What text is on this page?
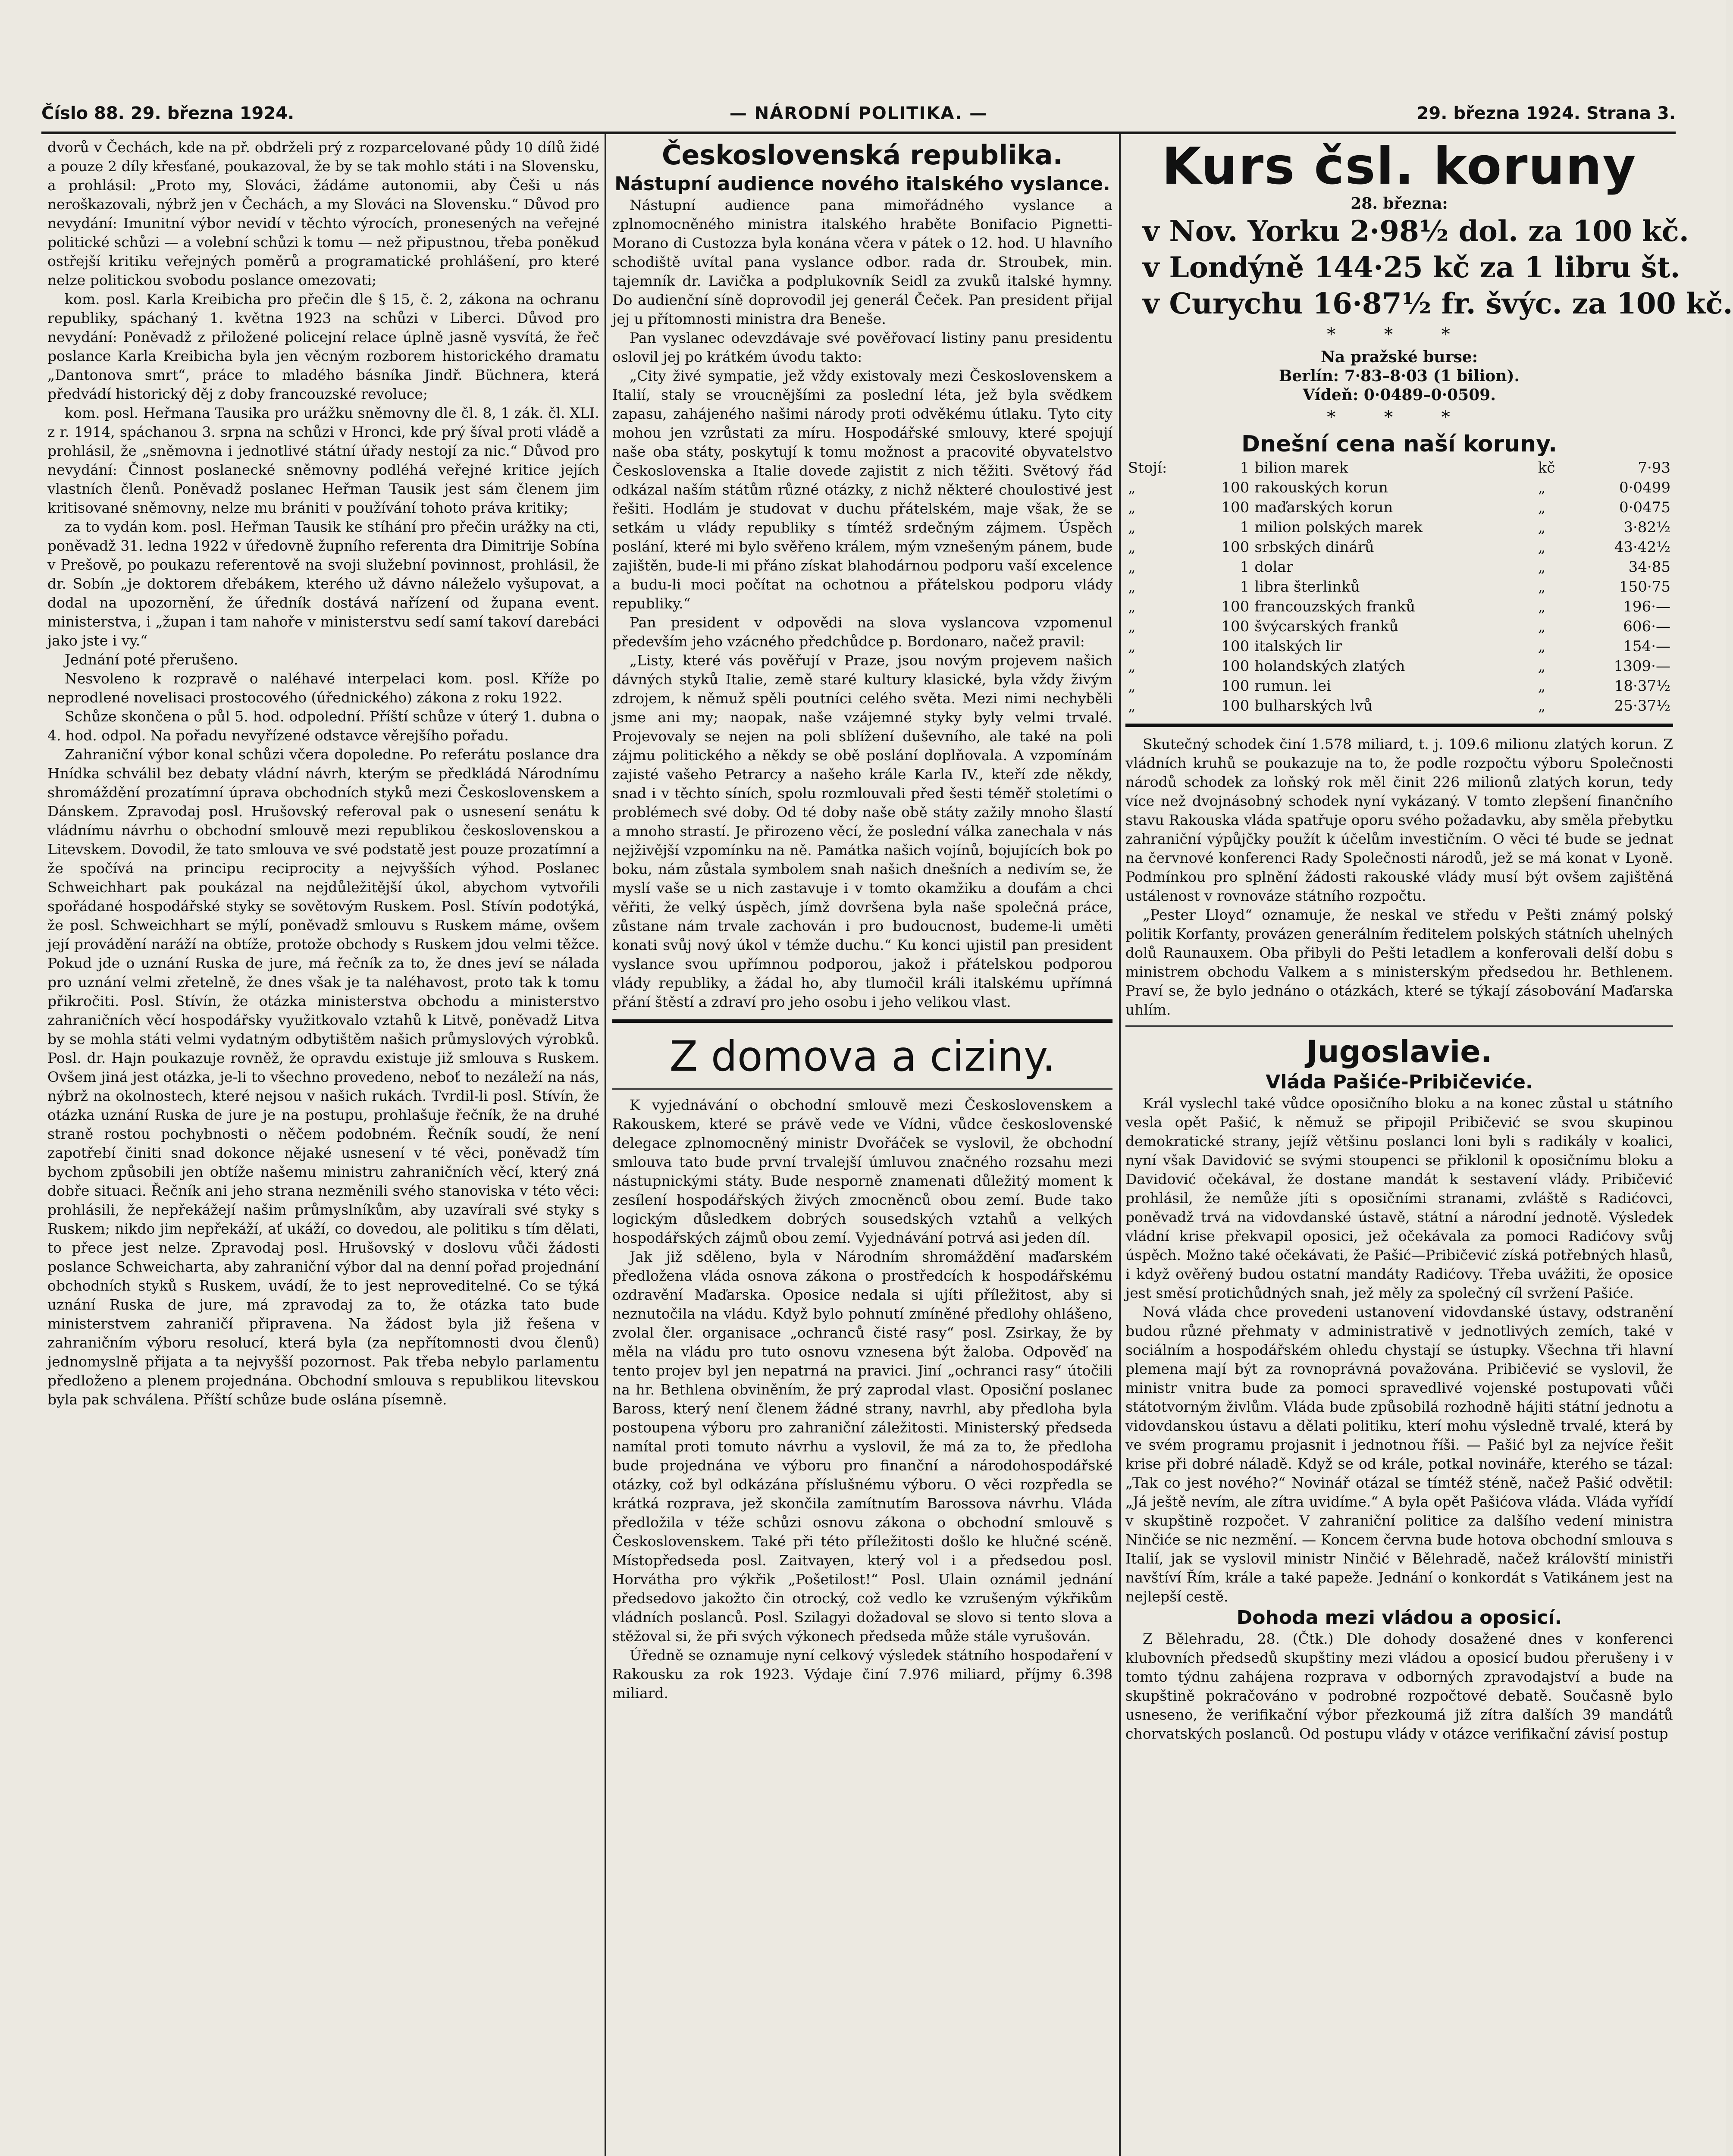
Číslo 88. 29. března 1924.	— NÁRODNÍ POLITIKA. —	29. března 1924. Strana 3.

dvorů v Čechách, kde na př. obdrželi prý z rozparcelované půdy 10 dílů židé a pouze 2 díly křesťané, poukazoval, že by se tak mohlo státi i na Slovensku, a prohlásil: „Proto my, Slováci, žádáme autonomii, aby Češi u nás neroškazovali, nýbrž jen v Čechách, a my Slováci na Slovensku.“ Důvod pro nevydání: Imunitní výbor nevidí v těchto výrocích, pronesených na veřejné politické schůzi — a volební schůzi k tomu — než připustnou, třeba poněkud ostřejší kritiku veřejných poměrů a programatické prohlášení, pro které nelze politickou svobodu poslance omezovati;

kom. posl. Karla Kreibicha pro přečin dle § 15, č. 2, zákona na ochranu republiky, spáchaný 1. května 1923 na schůzi v Liberci. Důvod pro nevydání: Poněvadž z přiložené policejní relace úplně jasně vysvítá, že řeč poslance Karla Kreibicha byla jen věcným rozborem historického dramatu „Dantonova smrt“, práce to mladého básníka Jindř. Büchnera, která předvádí historický děj z doby francouzské revoluce;

kom. posl. Heřmana Tausika pro urážku sněmovny dle čl. 8, 1 zák. čl. XLI. z r. 1914, spáchanou 3. srpna na schůzi v Hronci, kde prý šíval proti vládě a prohlásil, že „sněmovna i jednotlivé státní úřady nestojí za nic.“ Důvod pro nevydání: Činnost poslanecké sněmovny podléhá veřejné kritice jejích vlastních členů. Poněvadž poslanec Heřman Tausik jest sám členem jim kritisované sněmovny, nelze mu brániti v používání tohoto práva kritiky;

za to vydán kom. posl. Heřman Tausik ke stíhání pro přečin urážky na cti, poněvadž 31. ledna 1922 v úředovně župního referenta dra Dimitrije Sobína v Prešově, po poukazu referentově na svoji služební povinnost, prohlásil, že dr. Sobín „je doktorem dřebákem, kterého už dávno náleželo vyšupovat, a dodal na upozornění, že úředník dostává nařízení od župana event. ministerstva, i „župan i tam nahoře v ministerstvu sedí samí takoví darebáci jako jste i vy.“

Jednání poté přerušeno.

Nesvoleno k rozpravě o naléhavé interpelaci kom. posl. Kříže po neprodlené novelisaci prostocového (úřednického) zákona z roku 1922.

Schůze skončena o půl 5. hod. odpolední. Příští schůze v úterý 1. dubna o 4. hod. odpol. Na pořadu nevyřízené odstavce věrejšího pořadu.

Zahraniční výbor konal schůzi včera dopoledne. Po referátu poslance dra Hnídka schválil bez debaty vládní návrh, kterým se předkládá Národnímu shromáždění prozatímní úprava obchodních styků mezi Československem a Dánskem. Zpravodaj posl. Hrušovský referoval pak o usnesení senátu k vládnímu návrhu o obchodní smlouvě mezi republikou československou a Litevskem. Dovodil, že tato smlouva ve své podstatě jest pouze prozatímní a že spočívá na principu reciprocity a nejvyšších výhod. Poslanec Schweichhart pak poukázal na nejdůležitější úkol, abychom vytvořili spořádané hospodářské styky se sovětovým Ruskem. Posl. Stívín podotýká, že posl. Schweichhart se mýlí, poněvadž smlouvu s Ruskem máme, ovšem její provádění naráží na obtíže, protože obchody s Ruskem jdou velmi těžce. Pokud jde o uznání Ruska de jure, má řečník za to, že dnes jeví se nálada pro uznání velmi zřetelně, že dnes však je ta naléhavost, proto tak k tomu přikročiti. Posl. Stívín, že otázka ministerstva obchodu a ministerstvo zahraničních věcí hospodářsky využitkovalo vztahů k Litvě, poněvadž Litva by se mohla státi velmi vydatným odbytištěm našich průmyslových výrobků. Posl. dr. Hajn poukazuje rovněž, že opravdu existuje již smlouva s Ruskem. Ovšem jiná jest otázka, je-li to všechno provedeno, neboť to nezáleží na nás, nýbrž na okolnostech, které nejsou v našich rukách. Tvrdil-li posl. Stívín, že otázka uznání Ruska de jure je na postupu, prohlašuje řečník, že na druhé straně rostou pochybnosti o něčem podobném. Řečník soudí, že není zapotřebí činiti snad dokonce nějaké usnesení v té věci, poněvadž tím bychom způsobili jen obtíže našemu ministru zahraničních věcí, který zná dobře situaci. Řečník ani jeho strana nezměnili svého stanoviska v této věci: prohlásili, že nepřekážejí našim průmyslníkům, aby uzavírali své styky s Ruskem; nikdo jim nepřekáží, ať ukáží, co dovedou, ale politiku s tím dělati, to přece jest nelze. Zpravodaj posl. Hrušovský v doslovu vůči žádosti poslance Schweicharta, aby zahraniční výbor dal na denní pořad projednání obchodních styků s Ruskem, uvádí, že to jest neproveditelné. Co se týká uznání Ruska de jure, má zpravodaj za to, že otázka tato bude ministerstvem zahraničí připravena. Na žádost byla již řešena v zahraničním výboru resolucí, která byla (za nepřítomnosti dvou členů) jednomyslně přijata a ta nejvyšší pozornost. Pak třeba nebylo parlamentu předloženo a plenem projednána. Obchodní smlouva s republikou litevskou byla pak schválena. Příští schůze bude oslána písemně.

Československá republika.
Nástupní audience nového italského vyslance.

Nástupní audience pana mimořádného vyslance a zplnomocněného ministra italského hraběte Bonifacio Pignetti-Morano di Custozza byla konána včera v pátek o 12. hod. U hlavního schodiště uvítal pana vyslance odbor. rada dr. Stroubek, min. tajemník dr. Lavička a podplukovník Seidl za zvuků italské hymny. Do audienční síně doprovodil jej generál Čeček. Pan president přijal jej u přítomnosti ministra dra Beneše.

Pan vyslanec odevzdávaje své pověřovací listiny panu presidentu oslovil jej po krátkém úvodu takto:

„City živé sympatie, jež vždy existovaly mezi Československem a Italií, staly se vroucnějšími za poslední léta, jež byla svědkem zapasu, zahájeného našimi národy proti odvěkému útlaku. Tyto city mohou jen vzrůstati za míru. Hospodářské smlouvy, které spojují naše oba státy, poskytují k tomu možnost a pracovité obyvatelstvo Československa a Italie dovede zajistit z nich těžiti. Světový řád odkázal naším státům různé otázky, z nichž některé choulostivé jest řešiti. Hodlám je studovat v duchu přátelském, maje však, že se setkám u vlády republiky s tímtéž srdečným zájmem. Úspěch poslání, které mi bylo svěřeno králem, mým vznešeným pánem, bude zajištěn, bude-li mi přáno získat blahodárnou podporu vaší excelence a budu-li moci počítat na ochotnou a přátelskou podporu vlády republiky.“

Pan president v odpovědi na slova vyslancova vzpomenul především jeho vzácného předchůdce p. Bordonaro, načež pravil:

„Listy, které vás pověřují v Praze, jsou novým projevem našich dávných styků Italie, země staré kultury klasické, byla vždy živým zdrojem, k němuž spěli poutníci celého světa. Mezi nimi nechyběli jsme ani my; naopak, naše vzájemné styky byly velmi trvalé. Projevovaly se nejen na poli sblížení duševního, ale také na poli zájmu politického a někdy se obě poslání doplňovala. A vzpomínám zajisté vašeho Petrarcy a našeho krále Karla IV., kteří zde někdy, snad i v těchto síních, spolu rozmlouvali před šesti téměř stoletími o problémech své doby. Od té doby naše obě státy zažily mnoho šlastí a mnoho strastí. Je přirozeno věcí, že poslední válka zanechala v nás nejživější vzpomínku na ně. Památka našich vojínů, bojujících bok po boku, nám zůstala symbolem snah našich dnešních a nedivím se, že myslí vaše se u nich zastavuje i v tomto okamžiku a doufám a chci věřiti, že velký úspěch, jímž dovršena byla naše společná práce, zůstane nám trvale zachován i pro budoucnost, budeme-li uměti konati svůj nový úkol v témže duchu.“ Ku konci ujistil pan president vyslance svou upřímnou podporou, jakož i přátelskou podporou vlády republiky, a žádal ho, aby tlumočil králi italskému upřímná přání štěstí a zdraví pro jeho osobu i jeho velikou vlast.

Z domova a ciziny.

K vyjednávání o obchodní smlouvě mezi Československem a Rakouskem, které se právě vede ve Vídni, vůdce československé delegace zplnomocněný ministr Dvořáček se vyslovil, že obchodní smlouva tato bude první trvalejší úmluvou značného rozsahu mezi nástupnickými státy. Bude nesporně znamenati důležitý moment k zesílení hospodářských živých zmocněnců obou zemí. Bude tako logickým důsledkem dobrých sousedských vztahů a velkých hospodářských zájmů obou zemí. Vyjednávání potrvá asi jeden díl.

Jak již sděleno, byla v Národním shromáždění maďarském předložena vláda osnova zákona o prostředcích k hospodářskému ozdravění Maďarska. Oposice nedala si ujíti příležitost, aby si neznutočila na vládu. Když bylo pohnutí zmíněné předlohy ohlášeno, zvolal čler. organisace „ochranců čisté rasy“ posl. Zsirkay, že by měla na vládu pro tuto osnovu vznesena být žaloba. Odpověď na tento projev byl jen nepatrná na pravici. Jiní „ochranci rasy“ útočili na hr. Bethlena obviněním, že prý zaprodal vlast. Oposiční poslanec Baross, který není členem žádné strany, navrhl, aby předloha byla postoupena výboru pro zahraniční záležitosti. Ministerský předseda namítal proti tomuto návrhu a vyslovil, že má za to, že předloha bude projednána ve výboru pro finanční a národohospodářské otázky, což byl odkázána příslušnému výboru. O věci rozpředla se krátká rozprava, jež skončila zamítnutím Barossova návrhu. Vláda předložila v téže schůzi osnovu zákona o obchodní smlouvě s Československem. Také při této příležitosti došlo ke hlučné scéně. Místopředseda posl. Zaitvayen, který vol i a předsedou posl. Horvátha pro výkřik „Pošetilost!“ Posl. Ulain oznámil jednání předsedovo jakožto čin otrocký, což vedlo ke vzrušeným výkřikům vládních poslanců. Posl. Szilagyi dožadoval se slovo si tento slova a stěžoval si, že při svých výkonech předseda může stále vyrušován.

Úředně se oznamuje nyní celkový výsledek státního hospodaření v Rakousku za rok 1923. Výdaje činí 7.976 miliard, příjmy 6.398 miliard.

Kurs čsl. koruny

28. března:

v Nov. Yorku 2·98½ dol. za 100 kč.

v Londýně 144·25 kč za 1 libru št.

v Curychu 16·87½ fr. švýc. za 100 kč.

* * *

Na pražské burse:

Berlín: 7·83–8·03 (1 bilion).

Vídeň: 0·0489–0·0509.

* * *
Dnešní cena naší koruny.
Stojí:	1	bilion marek	kč	7·93
„	100	rakouských korun	„	0·0499
„	100	maďarských korun	„	0·0475
„	1	milion polských marek	„	3·82½
„	100	srbských dinárů	„	43·42½
„	1	dolar	„	34·85
„	1	libra šterlinků	„	150·75
„	100	francouzských franků	„	196·—
„	100	švýcarských franků	„	606·—
„	100	italských lir	„	154·—
„	100	holandských zlatých	„	1309·—
„	100	rumun. lei	„	18·37½
„	100	bulharských lvů	„	25·37½

Skutečný schodek činí 1.578 miliard, t. j. 109.6 milionu zlatých korun. Z vládních kruhů se poukazuje na to, že podle rozpočtu výboru Společnosti národů schodek za loňský rok měl činit 226 milionů zlatých korun, tedy více než dvojnásobný schodek nyní vykázaný. V tomto zlepšení finančního stavu Rakouska vláda spatřuje oporu svého požadavku, aby směla přebytku zahraniční výpůjčky použít k účelům investičním. O věci té bude se jednat na červnové konferenci Rady Společnosti národů, jež se má konat v Lyoně. Podmínkou pro splnění žádosti rakouské vlády musí být ovšem zajištěná ustálenost v rovnováze státního rozpočtu.

„Pester Lloyd“ oznamuje, že neskal ve středu v Pešti známý polský politik Korfanty, provázen generálním ředitelem polských státních uhelných dolů Raunauxem. Oba přibyli do Pešti letadlem a konferovali delší dobu s ministrem obchodu Valkem a s ministerským předsedou hr. Bethlenem. Praví se, že bylo jednáno o otázkách, které se týkají zásobování Maďarska uhlím.

Jugoslavie.
Vláda Pašiće-Pribičeviće.

Král vyslechl také vůdce oposičního bloku a na konec zůstal u státního vesla opět Pašić, k němuž se připojil Pribičević se svou skupinou demokratické strany, jejíž většinu poslanci loni byli s radikály v koalici, nyní však Davidović se svými stoupenci se přiklonil k oposičnímu bloku a Davidović očekával, že dostane mandát k sestavení vlády. Pribičević prohlásil, že nemůže jíti s oposičními stranami, zvláště s Radićovci, poněvadž trvá na vidovdanské ústavě, státní a národní jednotě. Výsledek vládní krise překvapil oposici, jež očekávala za pomoci Radićovy svůj úspěch. Možno také očekávati, že Pašić—Pribičević získá potřebných hlasů, i když ověřený budou ostatní mandáty Radićovy. Třeba uvážiti, že oposice jest směsí protichůdných snah, jež měly za společný cíl svržení Pašiće.

Nová vláda chce provedeni ustanovení vidovdanské ústavy, odstranění budou různé přehmaty v administrativě v jednotlivých zemích, také v sociálním a hospodářském ohledu chystají se ústupky. Všechna tři hlavní plemena mají být za rovnoprávná považována. Pribičević se vyslovil, že ministr vnitra bude za pomoci spravedlivé vojenské postupovati vůči státotvorným živlům. Vláda bude způsobilá rozhodně hájiti státní jednotu a vidovdanskou ústavu a dělati politiku, kterí mohu výsledně trvalé, která by ve svém programu projasnit i jednotnou říši. — Pašić byl za nejvíce řešit krise při dobré náladě. Když se od krále, potkal novináře, kterého se tázal: „Tak co jest nového?“ Novinář otázal se tímtéž sténě, načež Pašić odvětil: „Já ještě nevím, ale zítra uvidíme.“ A byla opět Pašićova vláda. Vláda vyřídí v skupštině rozpočet. V zahraniční politice za dalšího vedení ministra Ninčiće se nic nezmění. — Koncem června bude hotova obchodní smlouva s Italií, jak se vyslovil ministr Ninčić v Bělehradě, načež královští ministři navštíví Řím, krále a také papeže. Jednání o konkordát s Vatikánem jest na nejlepší cestě.

Dohoda mezi vládou a oposicí.

Z Bělehradu, 28. (Čtk.) Dle dohody dosažené dnes v konferenci klubovních předsedů skupštiny mezi vládou a oposicí budou přerušeny i v tomto týdnu zahájena rozprava v odborných zpravodajství a bude na skupštině pokračováno v podrobné rozpočtové debatě. Současně bylo usneseno, že verifikační výbor přezkoumá již zítra dalších 39 mandátů chorvatských poslanců. Od postupu vlády v otázce verifikační závisí postup
